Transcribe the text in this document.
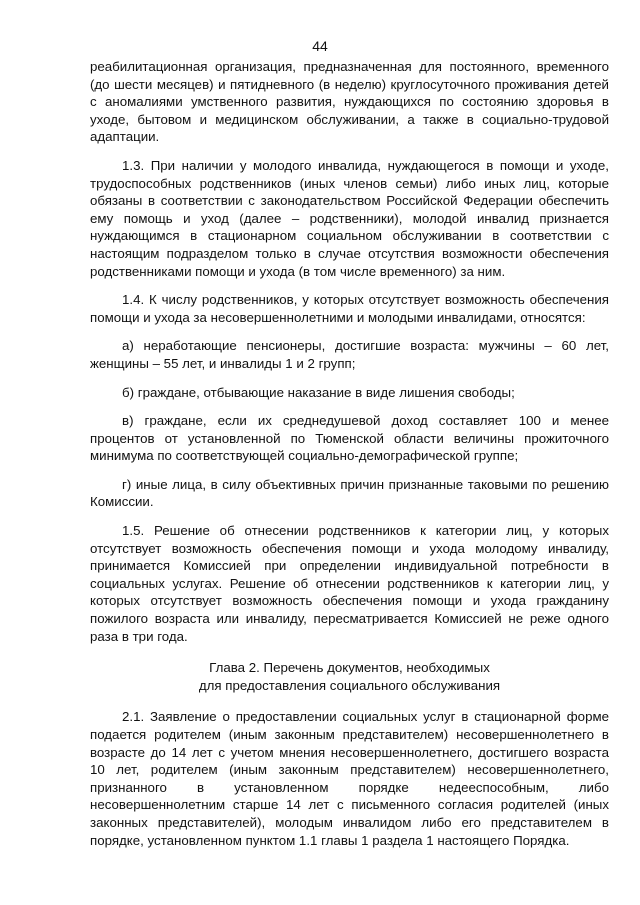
44

реабилитационная организация, предназначенная для постоянного, временного (до шести месяцев) и пятидневного (в неделю) круглосуточного проживания детей с аномалиями умственного развития, нуждающихся по состоянию здоровья в уходе, бытовом и медицинском обслуживании, а также в социально-трудовой адаптации.

1.3. При наличии у молодого инвалида, нуждающегося в помощи и уходе, трудоспособных родственников (иных членов семьи) либо иных лиц, которые обязаны в соответствии с законодательством Российской Федерации обеспечить ему помощь и уход (далее – родственники), молодой инвалид признается нуждающимся в стационарном социальном обслуживании в соответствии с настоящим подразделом только в случае отсутствия возможности обеспечения родственниками помощи и ухода (в том числе временного) за ним.

1.4. К числу родственников, у которых отсутствует возможность обеспечения помощи и ухода за несовершеннолетними и молодыми инвалидами, относятся:

а) неработающие пенсионеры, достигшие возраста: мужчины – 60 лет, женщины – 55 лет, и инвалиды 1 и 2 групп;

б) граждане, отбывающие наказание в виде лишения свободы;

в) граждане, если их среднедушевой доход составляет 100 и менее процентов от установленной по Тюменской области величины прожиточного минимума по соответствующей социально-демографической группе;

г) иные лица, в силу объективных причин признанные таковыми по решению Комиссии.

1.5. Решение об отнесении родственников к категории лиц, у которых отсутствует возможность обеспечения помощи и ухода молодому инвалиду, принимается Комиссией при определении индивидуальной потребности в социальных услугах. Решение об отнесении родственников к категории лиц, у которых отсутствует возможность обеспечения помощи и ухода гражданину пожилого возраста или инвалиду, пересматривается Комиссией не реже одного раза в три года.

Глава 2. Перечень документов, необходимых
для предоставления социального обслуживания

2.1. Заявление о предоставлении социальных услуг в стационарной форме подается родителем (иным законным представителем) несовершеннолетнего в возрасте до 14 лет с учетом мнения несовершеннолетнего, достигшего возраста 10 лет, родителем (иным законным представителем) несовершеннолетнего, признанного в установленном порядке недееспособным, либо несовершеннолетним старше 14 лет с письменного согласия родителей (иных законных представителей), молодым инвалидом либо его представителем в порядке, установленном пунктом 1.1 главы 1 раздела 1 настоящего Порядка.
